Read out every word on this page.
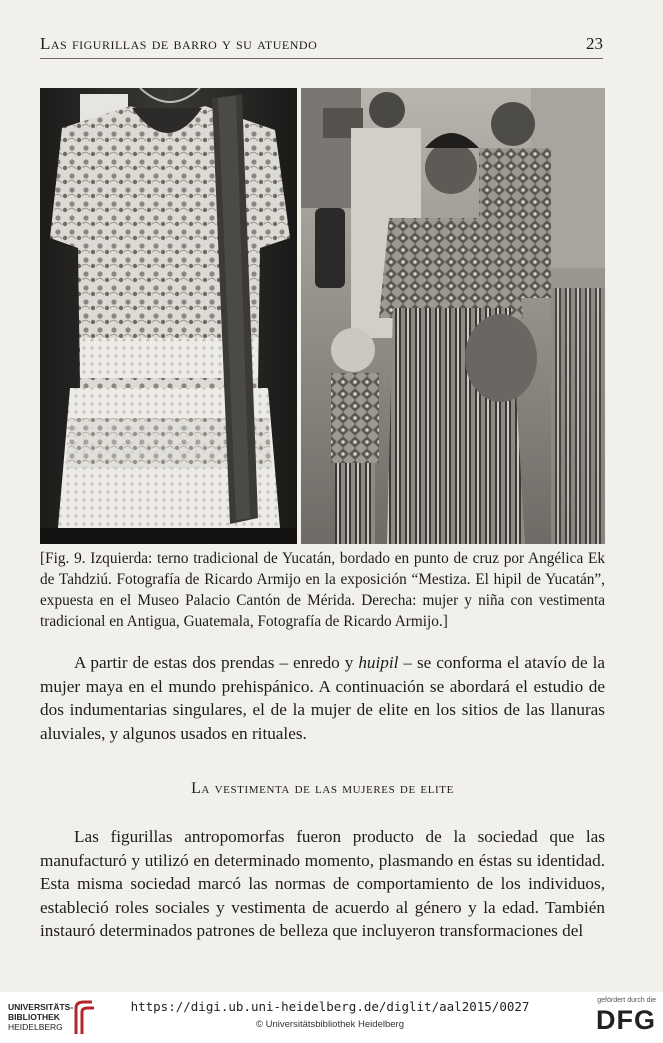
Las figurillas de barro y su atuendo	23
[Fig. 9. Izquierda: terno tradicional de Yucatán, bordado en punto de cruz por Angélica Ek de Tahdziú. Fotografía de Ricardo Armijo en la exposición “Mestiza. El hipil de Yucatán”, expuesta en el Museo Palacio Cantón de Mérida. Derecha: mujer y niña con vestimenta tradicional en Antigua, Guatemala, Fotografía de Ricardo Armijo.]

A partir de estas dos prendas – enredo y huipil – se conforma el atavío de la mujer maya en el mundo prehispánico. A continuación se abordará el estudio de dos indumentarias singulares, el de la mujer de elite en los sitios de las llanuras aluviales, y algunos usados en rituales.

La vestimenta de las mujeres de elite

Las figurillas antropomorfas fueron producto de la sociedad que las manufacturó y utilizó en determinado momento, plasmando en éstas su identidad. Esta misma sociedad marcó las normas de comportamiento de los individuos, estableció roles sociales y vestimenta de acuerdo al género y la edad. También instauró determinados patrones de belleza que incluyeron transformaciones del

UNIVERSITÄTS-
BIBLIOTHEK
HEIDELBERG
https://digi.ub.uni-heidelberg.de/diglit/aal2015/0027
© Universitätsbibliothek Heidelberg
gefördert durch die
DFG
